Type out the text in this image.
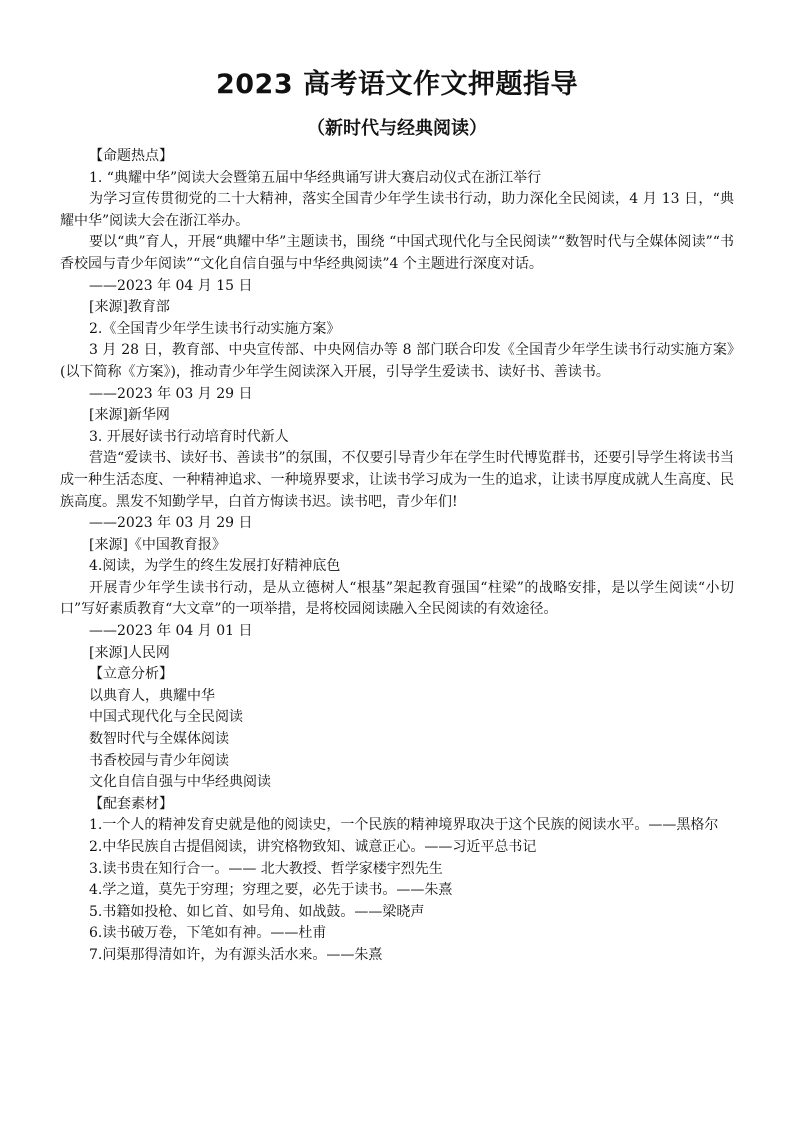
2023 高考语文作文押题指导
（新时代与经典阅读）

【命题热点】

1. “典耀中华”阅读大会暨第五届中华经典诵写讲大赛启动仪式在浙江举行

为学习宣传贯彻党的二十大精神，落实全国青少年学生读书行动，助力深化全民阅读，4 月 13 日，“典耀中华”阅读大会在浙江举办。

要以“典”育人，开展“典耀中华”主题读书，围绕 “中国式现代化与全民阅读”“数智时代与全媒体阅读”“书香校园与青少年阅读”“文化自信自强与中华经典阅读”4 个主题进行深度对话。

——2023 年 04 月 15 日

[来源]教育部

2.《全国青少年学生读书行动实施方案》

3 月 28 日，教育部、中央宣传部、中央网信办等 8 部门联合印发《全国青少年学生读书行动实施方案》(以下简称《方案》)，推动青少年学生阅读深入开展，引导学生爱读书、读好书、善读书。

——2023 年 03 月 29 日

[来源]新华网

3. 开展好读书行动培育时代新人

营造“爱读书、读好书、善读书”的氛围，不仅要引导青少年在学生时代博览群书，还要引导学生将读书当成一种生活态度、一种精神追求、一种境界要求，让读书学习成为一生的追求，让读书厚度成就人生高度、民族高度。黑发不知勤学早，白首方悔读书迟。读书吧，青少年们!

——2023 年 03 月 29 日

[来源]《中国教育报》

4.阅读，为学生的终生发展打好精神底色

开展青少年学生读书行动，是从立德树人“根基”架起教育强国“柱梁”的战略安排，是以学生阅读“小切口”写好素质教育“大文章”的一项举措，是将校园阅读融入全民阅读的有效途径。

——2023 年 04 月 01 日

[来源]人民网

【立意分析】

以典育人，典耀中华

中国式现代化与全民阅读

数智时代与全媒体阅读

书香校园与青少年阅读

文化自信自强与中华经典阅读

【配套素材】

1.一个人的精神发育史就是他的阅读史，一个民族的精神境界取决于这个民族的阅读水平。——黑格尔

2.中华民族自古提倡阅读，讲究格物致知、诚意正心。——习近平总书记

3.读书贵在知行合一。—— 北大教授、哲学家楼宇烈先生

4.学之道，莫先于穷理；穷理之要，必先于读书。——朱熹

5.书籍如投枪、如匕首、如号角、如战鼓。——梁晓声

6.读书破万卷，下笔如有神。——杜甫

7.问渠那得清如许，为有源头活水来。——朱熹
